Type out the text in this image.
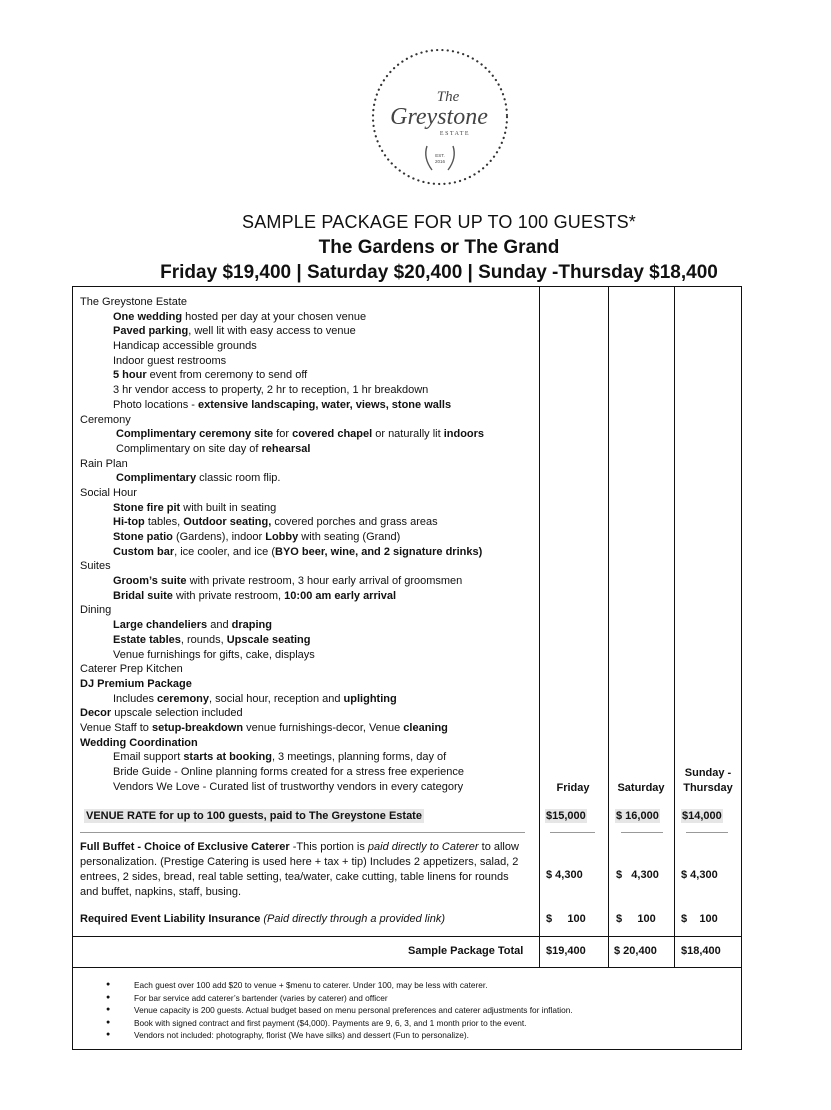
The
Greystone
ESTATE
EST.
2016
SAMPLE PACKAGE FOR UP TO 100 GUESTS*
The Gardens or The Grand
Friday $19,400 | Saturday $20,400 | Sunday -Thursday $18,400
The Greystone Estate
One wedding hosted per day at your chosen venue
Paved parking, well lit with easy access to venue
Handicap accessible grounds
Indoor guest restrooms
5 hour event from ceremony to send off
3 hr vendor access to property, 2 hr to reception, 1 hr breakdown
Photo locations - extensive landscaping, water, views, stone walls
Ceremony
Complimentary ceremony site for covered chapel or naturally lit indoors
Complimentary on site day of rehearsal
Rain Plan
Complimentary classic room flip.
Social Hour
Stone fire pit with built in seating
Hi-top tables, Outdoor seating, covered porches and grass areas
Stone patio (Gardens), indoor Lobby with seating (Grand)
Custom bar, ice cooler, and ice (BYO beer, wine, and 2 signature drinks)
Suites
Groom’s suite with private restroom, 3 hour early arrival of groomsmen
Bridal suite with private restroom, 10:00 am early arrival
Dining
Large chandeliers and draping
Estate tables, rounds, Upscale seating
Venue furnishings for gifts, cake, displays
Caterer Prep Kitchen
DJ Premium Package
Includes ceremony, social hour, reception and uplighting
Decor upscale selection included
Venue Staff to setup-breakdown venue furnishings-decor, Venue cleaning
Wedding Coordination
Email support starts at booking, 3 meetings, planning forms, day of
Bride Guide - Online planning forms created for a stress free experience
Vendors We Love - Curated list of trustworthy vendors in every category	Friday	Saturday
Sunday -
Thursday
VENUE RATE for up to 100 guests, paid to The Greystone Estate	$15,000	$ 16,000 $14,000
Full Buffet - Choice of Exclusive Caterer -This portion is paid directly to Caterer to allow personalization. (Prestige Catering is used here + tax + tip) Includes 2 appetizers, salad, 2 entrees, 2 sides, bread, real table setting, tea/water, cake cutting, table linens for rounds and buffet, napkins, staff, busing.
$ 4,300	$   4,300 $ 4,300
Required Event Liability Insurance (Paid directly through a provided link)	$     100	$     100 $    100
Sample Package Total $19,400	$ 20,400 $18,400
● Each guest over 100 add $20 to venue + $menu to caterer. Under 100, may be less with caterer.
● For bar service add caterer’s bartender (varies by caterer) and officer
● Venue capacity is 200 guests. Actual budget based on menu personal preferences and caterer adjustments for inflation.
● Book with signed contract and first payment ($4,000). Payments are 9, 6, 3, and 1 month prior to the event.
● Vendors not included: photography, florist (We have silks) and dessert (Fun to personalize).
